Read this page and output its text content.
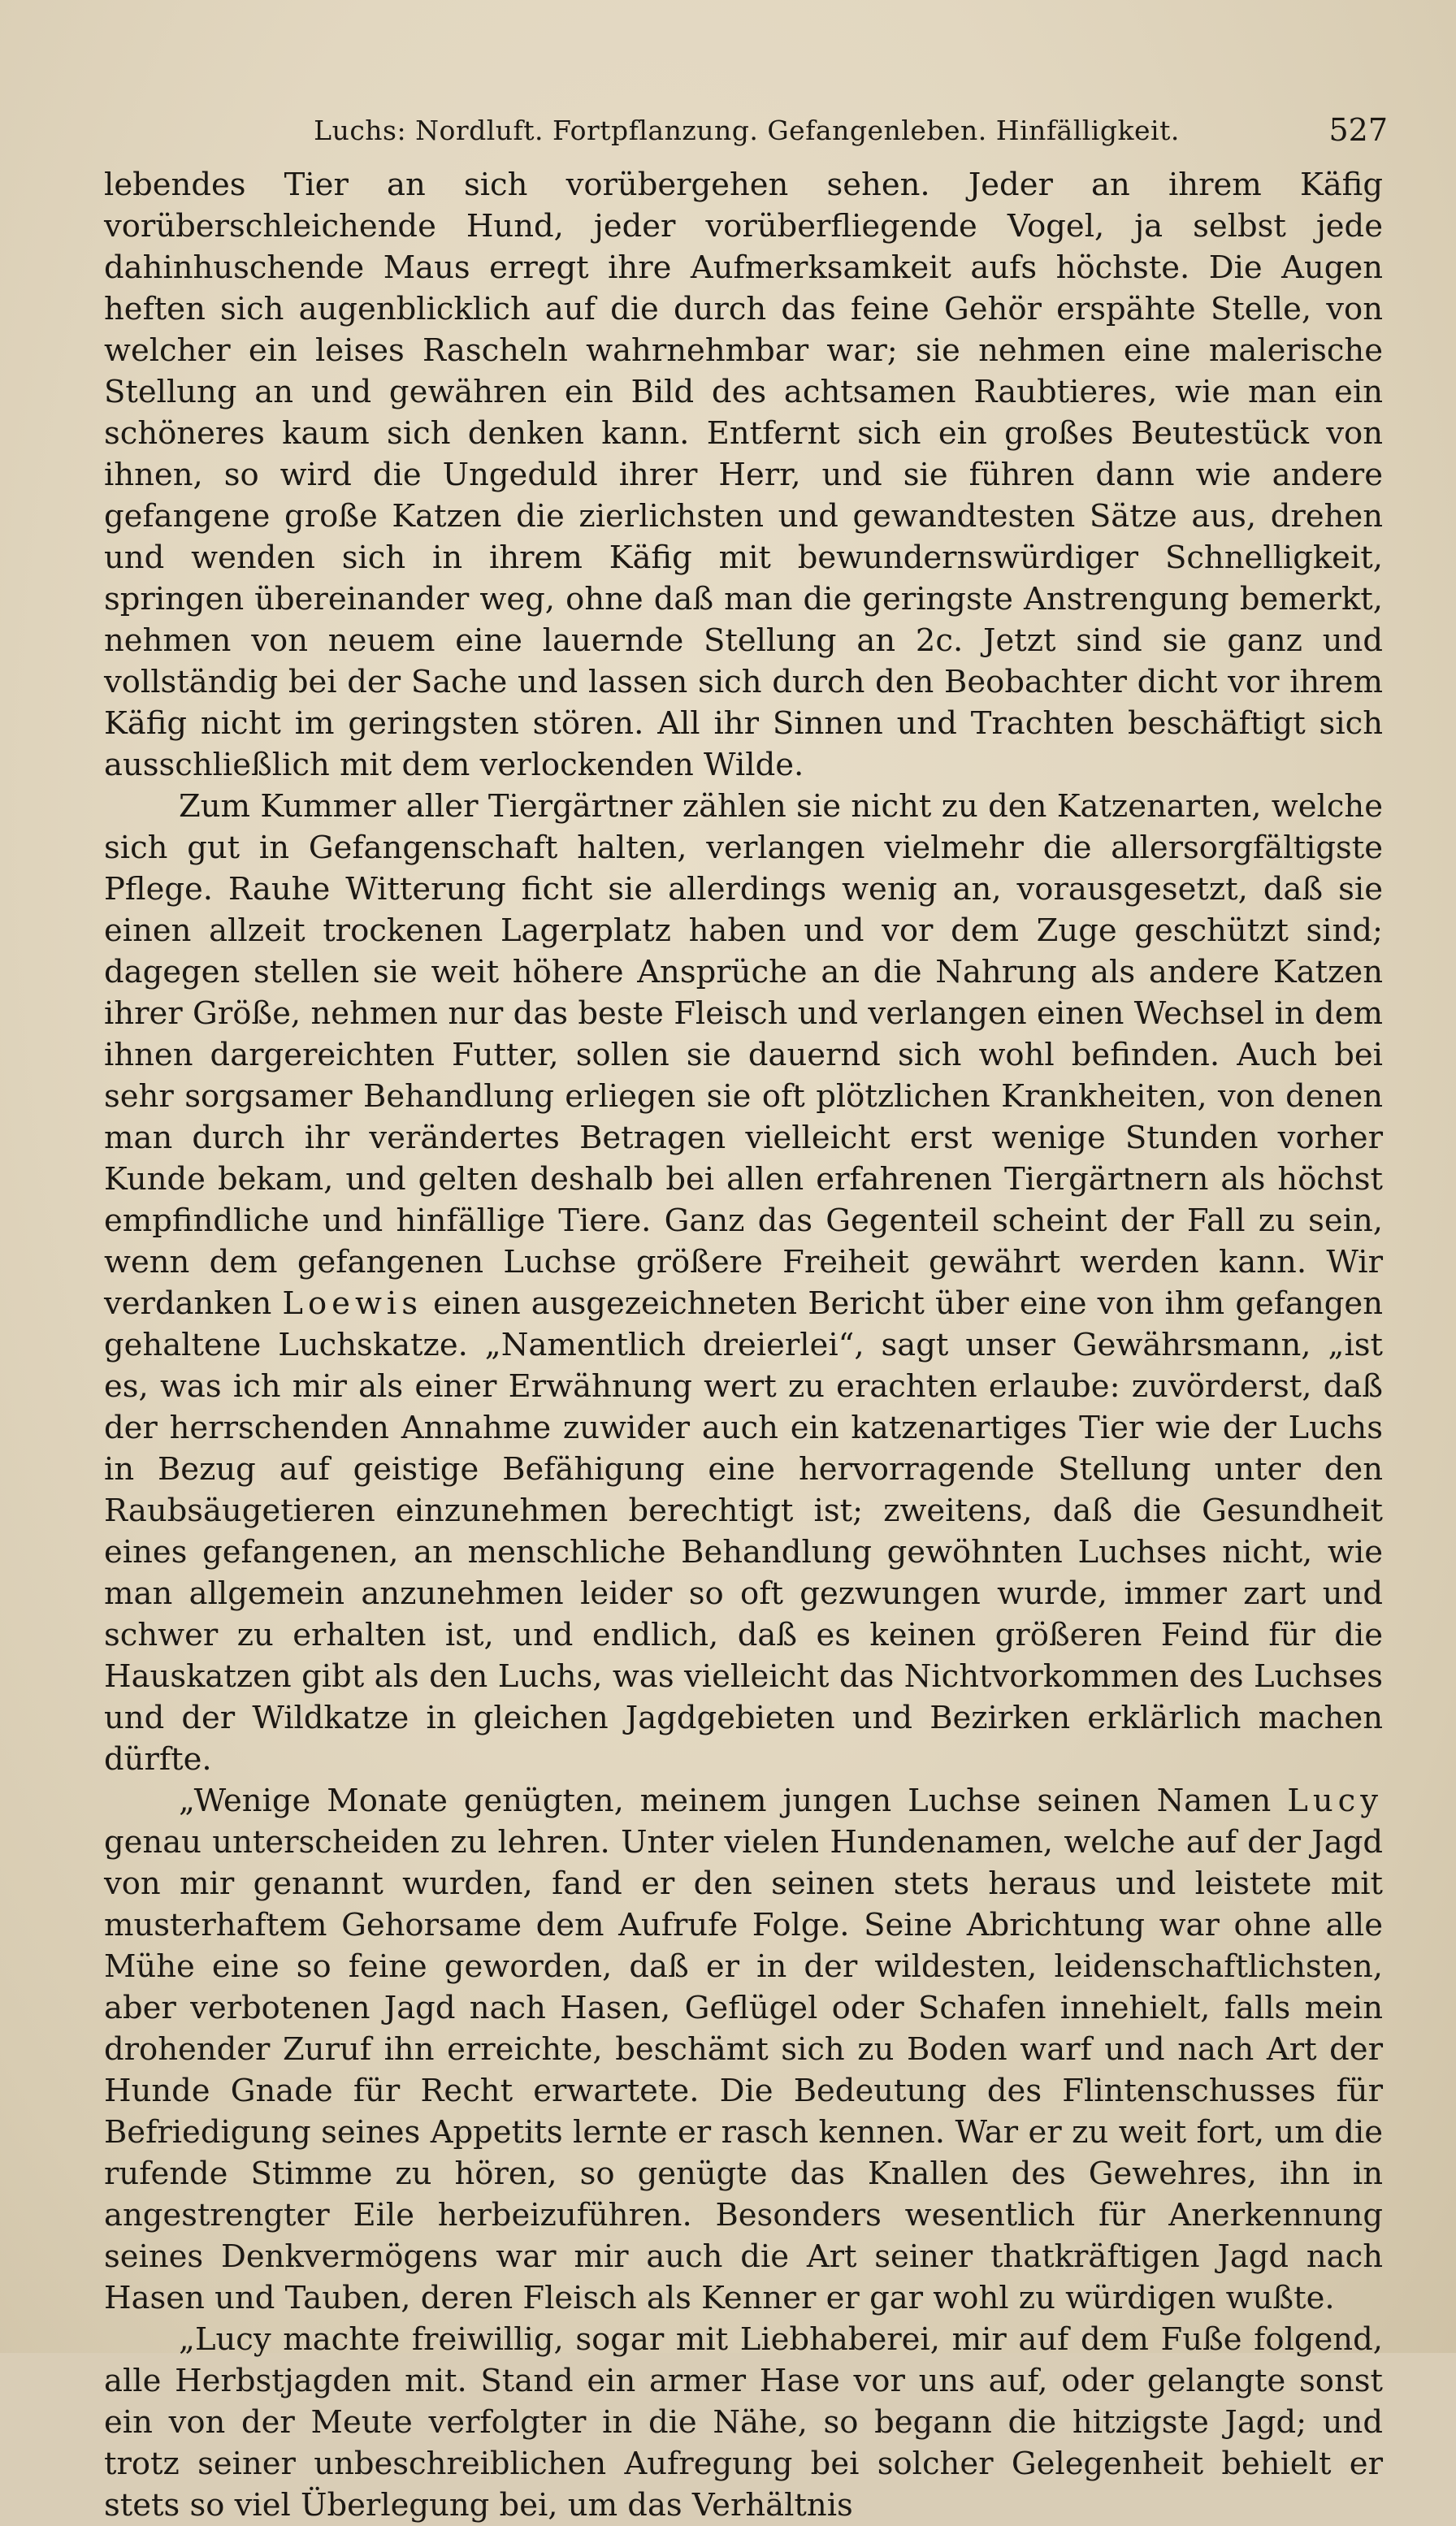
Luchs: Nordluft. Fortpflanzung. Gefangenleben. Hinfälligkeit.	527

lebendes Tier an sich vorübergehen sehen. Jeder an ihrem Käfig vorüberschleichende Hund, jeder vorüberfliegende Vogel, ja selbst jede dahinhuschende Maus erregt ihre Aufmerksamkeit aufs höchste. Die Augen heften sich augenblicklich auf die durch das feine Gehör erspähte Stelle, von welcher ein leises Rascheln wahrnehmbar war; sie nehmen eine malerische Stellung an und gewähren ein Bild des achtsamen Raubtieres, wie man ein schöneres kaum sich denken kann. Entfernt sich ein großes Beutestück von ihnen, so wird die Ungeduld ihrer Herr, und sie führen dann wie andere gefangene große Katzen die zierlichsten und gewandtesten Sätze aus, drehen und wenden sich in ihrem Käfig mit bewundernswürdiger Schnelligkeit, springen übereinander weg, ohne daß man die geringste Anstrengung bemerkt, nehmen von neuem eine lauernde Stellung an 2c. Jetzt sind sie ganz und vollständig bei der Sache und lassen sich durch den Beobachter dicht vor ihrem Käfig nicht im geringsten stören. All ihr Sinnen und Trachten beschäftigt sich ausschließlich mit dem verlockenden Wilde.

Zum Kummer aller Tiergärtner zählen sie nicht zu den Katzenarten, welche sich gut in Gefangenschaft halten, verlangen vielmehr die allersorgfältigste Pflege. Rauhe Witterung ficht sie allerdings wenig an, vorausgesetzt, daß sie einen allzeit trockenen Lagerplatz haben und vor dem Zuge geschützt sind; dagegen stellen sie weit höhere Ansprüche an die Nahrung als andere Katzen ihrer Größe, nehmen nur das beste Fleisch und verlangen einen Wechsel in dem ihnen dargereichten Futter, sollen sie dauernd sich wohl befinden. Auch bei sehr sorgsamer Behandlung erliegen sie oft plötzlichen Krankheiten, von denen man durch ihr verändertes Betragen vielleicht erst wenige Stunden vorher Kunde bekam, und gelten deshalb bei allen erfahrenen Tiergärtnern als höchst empfindliche und hinfällige Tiere. Ganz das Gegenteil scheint der Fall zu sein, wenn dem gefangenen Luchse größere Freiheit gewährt werden kann. Wir verdanken Loewis einen ausgezeichneten Bericht über eine von ihm gefangen gehaltene Luchskatze. „Namentlich dreierlei“, sagt unser Gewährsmann, „ist es, was ich mir als einer Erwähnung wert zu erachten erlaube: zuvörderst, daß der herrschenden Annahme zuwider auch ein katzenartiges Tier wie der Luchs in Bezug auf geistige Befähigung eine hervorragende Stellung unter den Raubsäugetieren einzunehmen berechtigt ist; zweitens, daß die Gesundheit eines gefangenen, an menschliche Behandlung gewöhnten Luchses nicht, wie man allgemein anzunehmen leider so oft gezwungen wurde, immer zart und schwer zu erhalten ist, und endlich, daß es keinen größeren Feind für die Hauskatzen gibt als den Luchs, was vielleicht das Nichtvorkommen des Luchses und der Wildkatze in gleichen Jagdgebieten und Bezirken erklärlich machen dürfte.

„Wenige Monate genügten, meinem jungen Luchse seinen Namen Lucy genau unterscheiden zu lehren. Unter vielen Hundenamen, welche auf der Jagd von mir genannt wurden, fand er den seinen stets heraus und leistete mit musterhaftem Gehorsame dem Aufrufe Folge. Seine Abrichtung war ohne alle Mühe eine so feine geworden, daß er in der wildesten, leidenschaftlichsten, aber verbotenen Jagd nach Hasen, Geflügel oder Schafen innehielt, falls mein drohender Zuruf ihn erreichte, beschämt sich zu Boden warf und nach Art der Hunde Gnade für Recht erwartete. Die Bedeutung des Flintenschusses für Befriedigung seines Appetits lernte er rasch kennen. War er zu weit fort, um die rufende Stimme zu hören, so genügte das Knallen des Gewehres, ihn in angestrengter Eile herbeizuführen. Besonders wesentlich für Anerkennung seines Denkvermögens war mir auch die Art seiner thatkräftigen Jagd nach Hasen und Tauben, deren Fleisch als Kenner er gar wohl zu würdigen wußte.

„Lucy machte freiwillig, sogar mit Liebhaberei, mir auf dem Fuße folgend, alle Herbstjagden mit. Stand ein armer Hase vor uns auf, oder gelangte sonst ein von der Meute verfolgter in die Nähe, so begann die hitzigste Jagd; und trotz seiner unbeschreiblichen Aufregung bei solcher Gelegenheit behielt er stets so viel Überlegung bei, um das Verhältnis
